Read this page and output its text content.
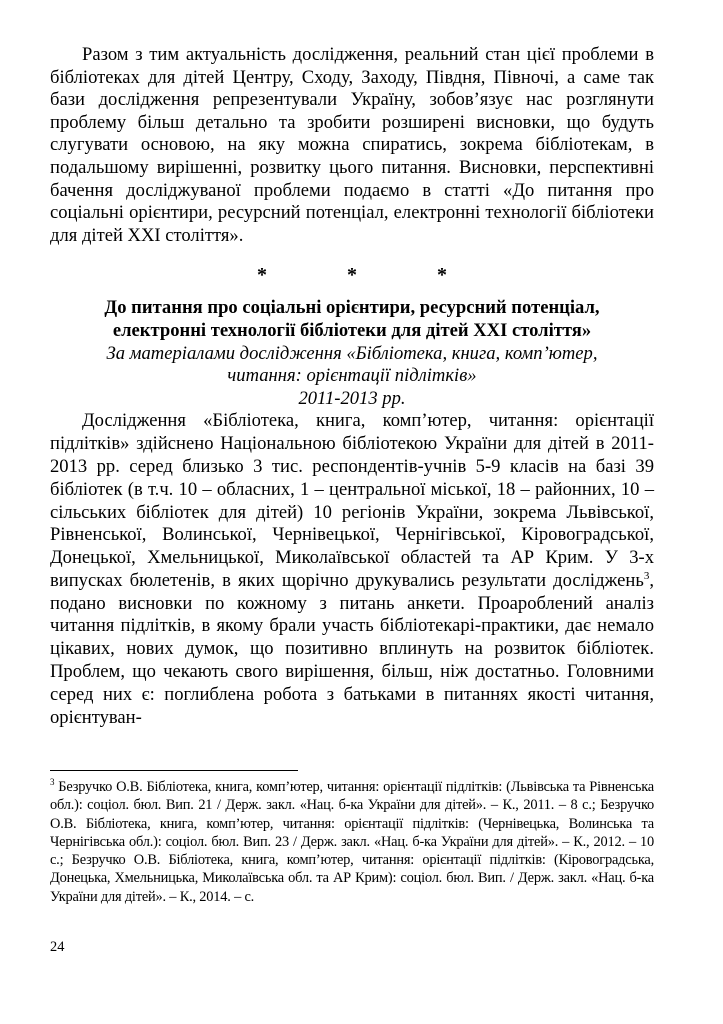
Разом з тим актуальність дослідження, реальний стан цієї проблеми в бібліотеках для дітей Центру, Сходу, Заходу, Півдня, Півночі, а саме так бази дослідження репрезентували Україну, зобов’язує нас розглянути проблему більш детально та зробити розширені висновки, що будуть слугувати основою, на яку можна спиратись, зокрема бібліотекам, в подальшому вирішенні, розвитку цього питання. Висновки, перспективні бачення досліджуваної проблеми подаємо в статті «До питання про соціальні орієнтири, ресурсний потенціал, електронні технології бібліотеки для дітей ХХІ століття».

*	*	*
До питання про соціальні орієнтири, ресурсний потенціал,
електронні технології бібліотеки для дітей ХХІ століття»
За матеріалами дослідження «Бібліотека, книга, комп’ютер,
читання: орієнтації підлітків»
2011-2013 рр.

Дослідження «Бібліотека, книга, комп’ютер, читання: орієнтації підлітків» здійснено Національною бібліотекою України для дітей в 2011-2013 рр. серед близько 3 тис. респондентів-учнів 5-9 класів на базі 39 бібліотек (в т.ч. 10 – обласних, 1 – центральної міської, 18 – районних, 10 – сільських бібліотек для дітей) 10 регіонів України, зокрема Львівської, Рівненської, Волинської, Чернівецької, Чернігівської, Кіровоградської, Донецької, Хмельницької, Миколаївської областей та АР Крим. У 3-х випусках бюлетенів, в яких щорічно друкувались результати досліджень$^3$, подано висновки по кожному з питань анкети. Проароблений аналіз читання підлітків, в якому брали участь бібліотекарі-практики, дає немало цікавих, нових думок, що позитивно вплинуть на розвиток бібліотек. Проблем, що чекають свого вирішення, більш, ніж достатньо. Головними серед них є: поглиблена робота з батьками в питаннях якості читання, орієнтуван-

$^3$ Безручко О.В. Бібліотека, книга, комп’ютер, читання: орієнтації підлітків: (Львівська та Рівненська обл.): соціол. бюл. Вип. 21 / Держ. закл. «Нац. б-ка України для дітей». – К., 2011. – 8 с.; Безручко О.В. Бібліотека, книга, комп’ютер, читання: орієнтації підлітків: (Чернівецька, Волинська та Чернігівська обл.): соціол. бюл. Вип. 23 / Держ. закл. «Нац. б-ка України для дітей». – К., 2012. – 10 с.; Безручко О.В. Бібліотека, книга, комп’ютер, читання: орієнтації підлітків: (Кіровоградська, Донецька, Хмельницька, Миколаївська обл. та АР Крим): соціол. бюл. Вип. / Держ. закл. «Нац. б-ка України для дітей». – К., 2014. – с.

24
